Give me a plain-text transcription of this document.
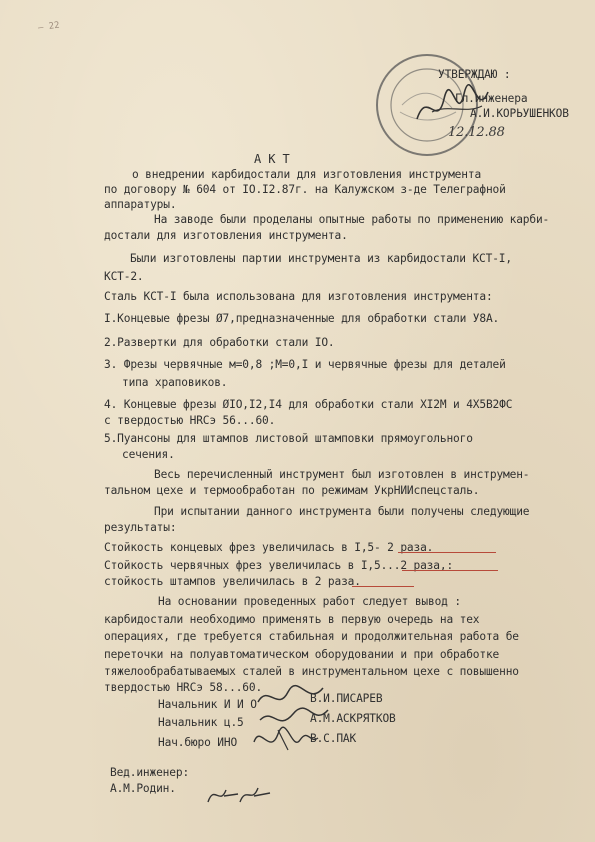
— 22
УТВЕРЖДАЮ :
Гл.инженера
А.И.КОРЬУШЕНКОВ
12.12.88
АКТ
о внедрении карбидостали для изготовления инструмента
по договору № 604 от IO.I2.87г. на Калужском з-де Телеграфной
аппаратуры.
На заводе были проделаны опытные работы по применению карби-
достали для изготовления инструмента.
Были изготовлены партии инструмента из карбидостали КСТ-I,
КСТ-2.
Сталь КСТ-I была использована для изготовления инструмента:
I.Концевые фрезы Ø7,предназначенные для обработки стали У8А.
2.Развертки для обработки стали IO.
3. Фрезы червячные м=0,8 ;М=0,I и червячные фрезы для деталей
типа храповиков.
4. Концевые фрезы ØIO,I2,I4 для обработки стали XI2М и 4Х5В2ФС
с твердостью НRСэ 56...60.
5.Пуансоны для штампов листовой штамповки прямоугольного
сечения.
Весь перечисленный инструмент был изготовлен в инструмен-
тальном цехе и термообработан по режимам УкрНИИспецсталь.
При испытании данного инструмента были получены следующие
результаты:
Стойкость концевых фрез увеличилась в I,5- 2 раза.
Стойкость червячных фрез увеличилась в I,5...2 раза,:
стойкость штампов увеличилась в 2 раза.
На основании проведенных работ следует вывод :
карбидостали необходимо применять в первую очередь на тех
операциях, где требуется стабильная и продолжительная работа бе
переточки на полуавтоматическом оборудовании и при обработке
тяжелообрабатываемых сталей в инструментальном цехе с повышенно
твердостью НRСэ 58...60.
Начальник И И О	В.И.ПИСАРЕВ
Начальник ц.5	А.М.АСКРЯТКОВ
Нач.бюро ИНО	В.С.ПАК
Вед.инженер:
А.М.Родин.
